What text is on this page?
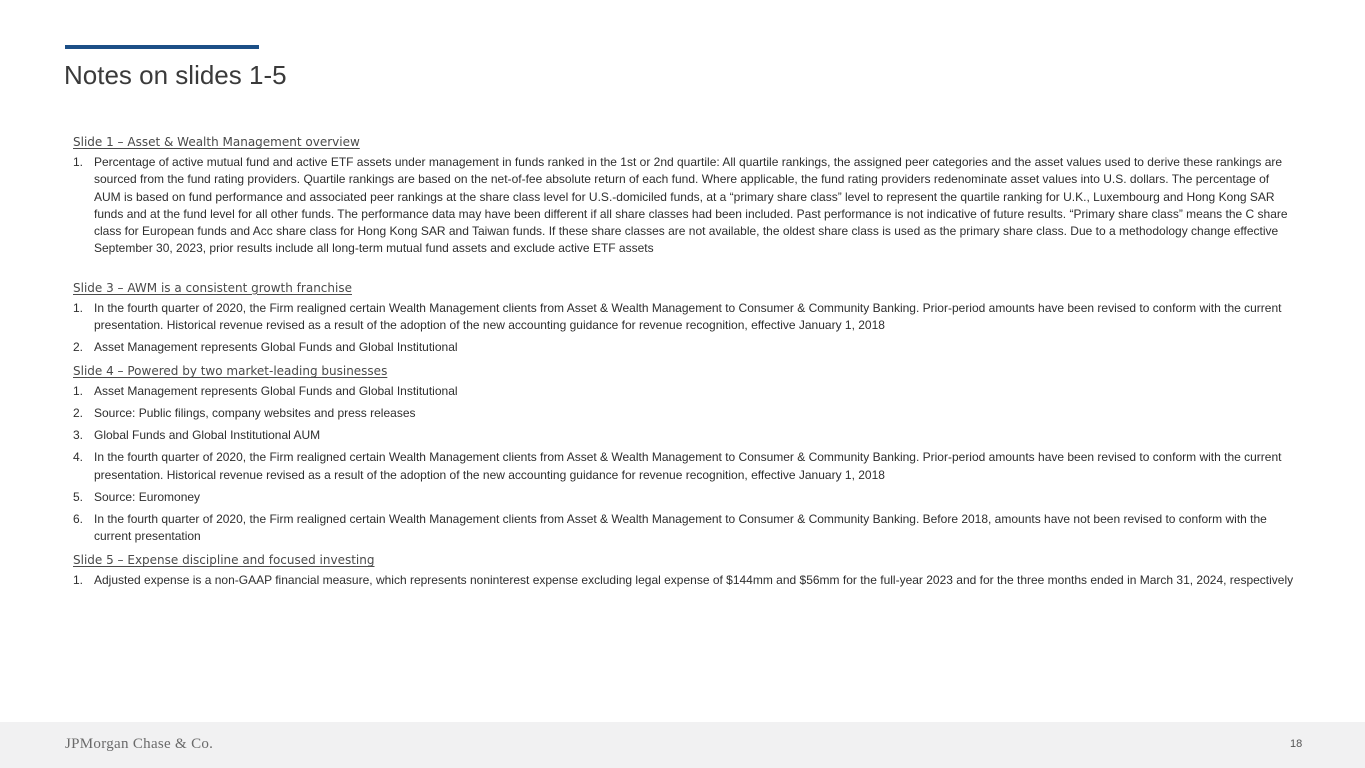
Notes on slides 1-5

Slide 1 – Asset & Wealth Management overview

1. Percentage of active mutual fund and active ETF assets under management in funds ranked in the 1st or 2nd quartile: All quartile rankings, the assigned peer categories and the asset values used to derive these rankings are sourced from the fund rating providers. Quartile rankings are based on the net-of-fee absolute return of each fund. Where applicable, the fund rating providers redenominate asset values into U.S. dollars. The percentage of AUM is based on fund performance and associated peer rankings at the share class level for U.S.-domiciled funds, at a “primary share class” level to represent the quartile ranking for U.K., Luxembourg and Hong Kong SAR funds and at the fund level for all other funds. The performance data may have been different if all share classes had been included. Past performance is not indicative of future results. “Primary share class” means the C share class for European funds and Acc share class for Hong Kong SAR and Taiwan funds. If these share classes are not available, the oldest share class is used as the primary share class. Due to a methodology change effective September 30, 2023, prior results include all long-term mutual fund assets and exclude active ETF assets

Slide 3 – AWM is a consistent growth franchise

1. In the fourth quarter of 2020, the Firm realigned certain Wealth Management clients from Asset & Wealth Management to Consumer & Community Banking. Prior-period amounts have been revised to conform with the current presentation. Historical revenue revised as a result of the adoption of the new accounting guidance for revenue recognition, effective January 1, 2018
2. Asset Management represents Global Funds and Global Institutional

Slide 4 – Powered by two market-leading businesses

1. Asset Management represents Global Funds and Global Institutional
2. Source: Public filings, company websites and press releases
3. Global Funds and Global Institutional AUM
4. In the fourth quarter of 2020, the Firm realigned certain Wealth Management clients from Asset & Wealth Management to Consumer & Community Banking. Prior-period amounts have been revised to conform with the current presentation. Historical revenue revised as a result of the adoption of the new accounting guidance for revenue recognition, effective January 1, 2018
5. Source: Euromoney
6. In the fourth quarter of 2020, the Firm realigned certain Wealth Management clients from Asset & Wealth Management to Consumer & Community Banking. Before 2018, amounts have not been revised to conform with the current presentation

Slide 5 – Expense discipline and focused investing

1. Adjusted expense is a non-GAAP financial measure, which represents noninterest expense excluding legal expense of $144mm and $56mm for the full-year 2023 and for the three months ended in March 31, 2024, respectively
JPMorgan Chase & Co.	18
